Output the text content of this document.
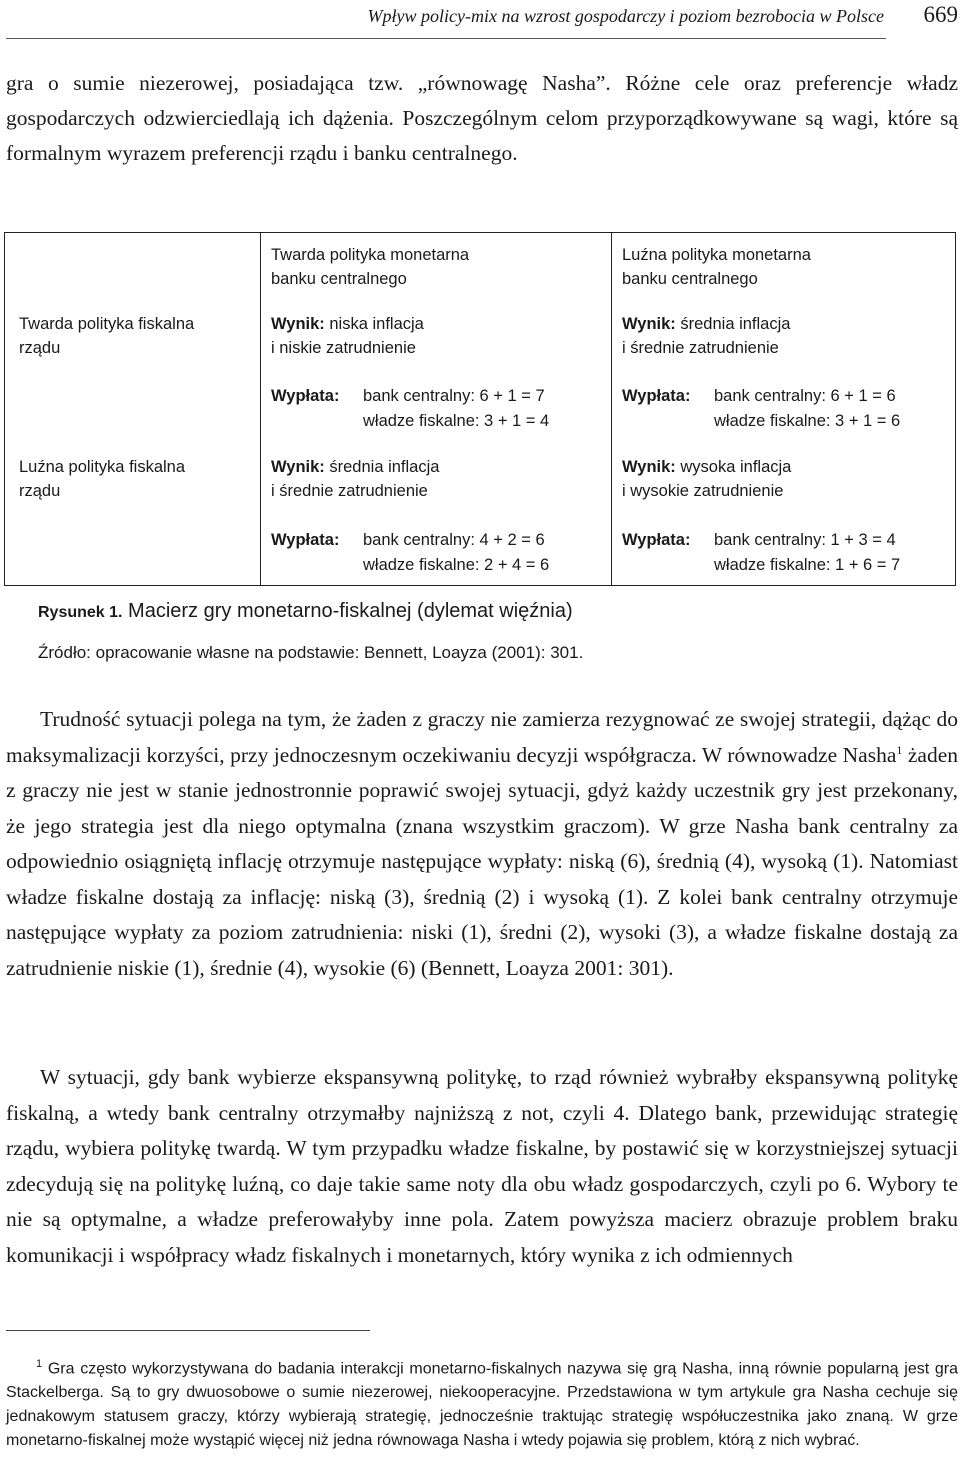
Wpływ policy-mix na wzrost gospodarczy i poziom bezrobocia w Polsce 669
gra o sumie niezerowej, posiadająca tzw. „równowagę Nasha”. Różne cele oraz preferencje władz gospodarczych odzwierciedlają ich dążenia. Poszczególnym celom przyporządkowywane są wagi, które są formalnym wyrazem preferencji rządu i banku centralnego.
Twarda polityka monetarna
banku centralnego
Luźna polityka monetarna
banku centralnego
Twarda polityka fiskalna
rządu
Luźna polityka fiskalna
rządu
Wynik: niska inflacja
i niskie zatrudnienie
Wypłata: bank centralny: 6 + 1 = 7
władze fiskalne: 3 + 1 = 4
Wynik: średnia inflacja
i średnie zatrudnienie
Wypłata: bank centralny: 6 + 1 = 6
władze fiskalne: 3 + 1 = 6
Wynik: średnia inflacja
i średnie zatrudnienie
Wypłata: bank centralny: 4 + 2 = 6
władze fiskalne: 2 + 4 = 6
Wynik: wysoka inflacja
i wysokie zatrudnienie
Wypłata: bank centralny: 1 + 3 = 4
władze fiskalne: 1 + 6 = 7
Rysunek 1. Macierz gry monetarno-fiskalnej (dylemat więźnia)
Źródło: opracowanie własne na podstawie: Bennett, Loayza (2001): 301.
Trudność sytuacji polega na tym, że żaden z graczy nie zamierza rezygnować ze swojej strategii, dążąc do maksymalizacji korzyści, przy jednoczesnym oczekiwaniu decyzji współgracza. W równowadze Nasha$^1$ żaden z graczy nie jest w stanie jednostronnie poprawić swojej sytuacji, gdyż każdy uczestnik gry jest przekonany, że jego strategia jest dla niego optymalna (znana wszystkim graczom). W grze Nasha bank centralny za odpowiednio osiągniętą inflację otrzymuje następujące wypłaty: niską (6), średnią (4), wysoką (1). Natomiast władze fiskalne dostają za inflację: niską (3), średnią (2) i wysoką (1). Z kolei bank centralny otrzymuje następujące wypłaty za poziom zatrudnienia: niski (1), średni (2), wysoki (3), a władze fiskalne dostają za zatrudnienie niskie (1), średnie (4), wysokie (6) (Bennett, Loayza 2001: 301).
W sytuacji, gdy bank wybierze ekspansywną politykę, to rząd również wybrałby ekspansywną politykę fiskalną, a wtedy bank centralny otrzymałby najniższą z not, czyli 4. Dlatego bank, przewidując strategię rządu, wybiera politykę twardą. W tym przypadku władze fiskalne, by postawić się w korzystniejszej sytuacji zdecydują się na politykę luźną, co daje takie same noty dla obu władz gospodarczych, czyli po 6. Wybory te nie są optymalne, a władze preferowałyby inne pola. Zatem powyższa macierz obrazuje problem braku komunikacji i współpracy władz fiskalnych i monetarnych, który wynika z ich odmiennych
$^1$ Gra często wykorzystywana do badania interakcji monetarno-fiskalnych nazywa się grą Nasha, inną równie popularną jest gra Stackelberga. Są to gry dwuosobowe o sumie niezerowej, niekooperacyjne. Przedstawiona w tym artykule gra Nasha cechuje się jednakowym statusem graczy, którzy wybierają strategię, jednocześnie traktując strategię współuczestnika jako znaną. W grze monetarno-fiskalnej może wystąpić więcej niż jedna równowaga Nasha i wtedy pojawia się problem, którą z nich wybrać.
